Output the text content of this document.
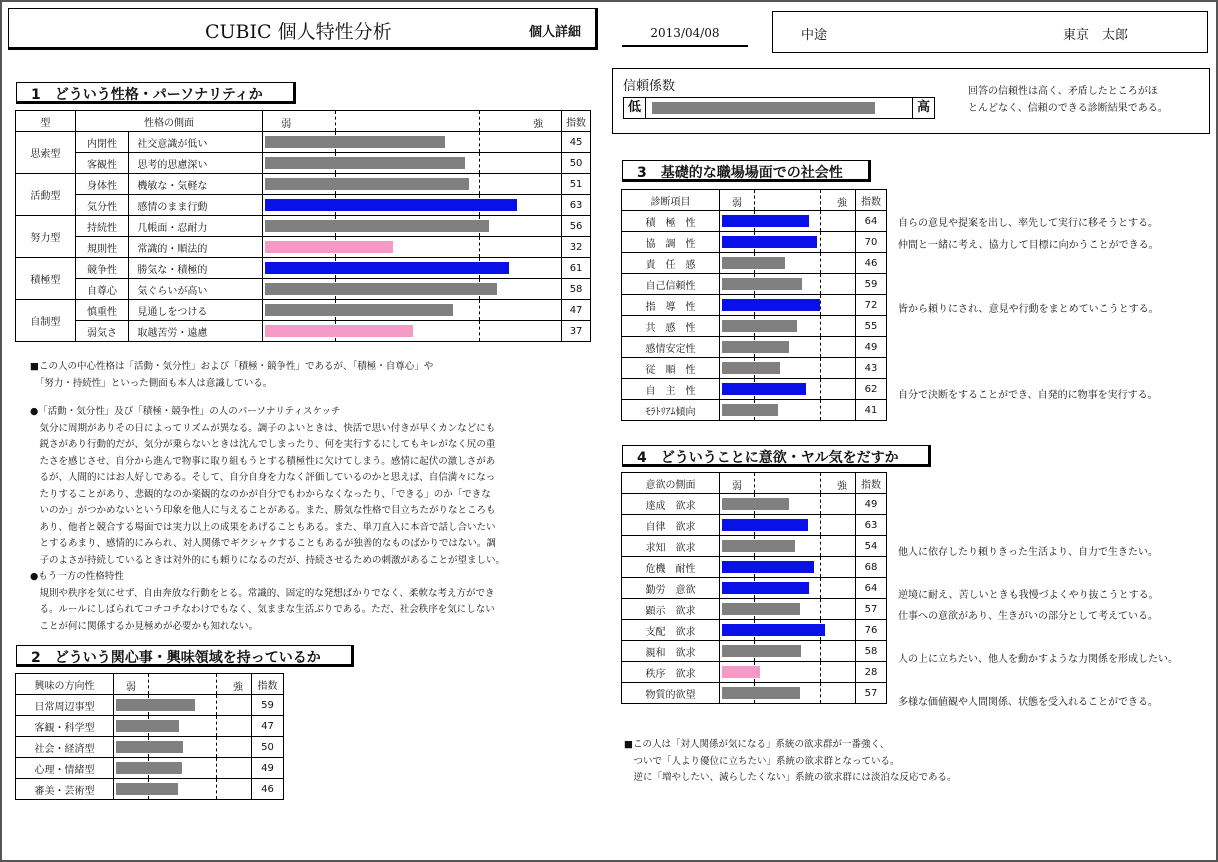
CUBIC 個人特性分析	個人詳細	2013/04/08	中途	東京　太郎
信頼係数
低	高
回答の信頼性は高く、矛盾したところがほ
とんどなく、信頼のできる診断結果である。
1　どういう性格・パーソナリティか
型	性格の側面		弱 強	指数
思索型	内閉性	社交意識が低い		45
	客観性	思考的思慮深い		50
活動型	身体性	機敏な・気軽な		51
	気分性	感情のまま行動		63
努力型	持続性	几帳面・忍耐力		56
	規則性	常識的・順法的		32
積極型	競争性	勝気な・積極的		61
	自尊心	気ぐらいが高い		58
自制型	慎重性	見通しをつける		47
	弱気さ	取越苦労・遠慮		37
■この人の中心性格は「活動・気分性」および「積極・競争性」であるが、「積極・自尊心」や
　「努力・持続性」といった側面も本人は意識している。
●「活動・気分性」及び「積極・競争性」の人のパーソナリティスケッチ
　気分に周期がありその日によってリズムが異なる。調子のよいときは、快活で思い付きが早くカンなどにも
　鋭さがあり行動的だが、気分が乗らないときは沈んでしまったり、何を実行するにしてもキレがなく尻の重
　たさを感じさせ、自分から進んで物事に取り組もうとする積極性に欠けてしまう。感情に起伏の激しさがあ
　るが、人間的にはお人好しである。そして、自分自身を力なく評価しているのかと思えば、自信満々になっ
　たりすることがあり、悲観的なのか楽観的なのかが自分でもわからなくなったり、「できる」のか「できな
　いのか」がつかめないという印象を他人に与えることがある。また、勝気な性格で目立ちたがりなところも
　あり、他者と競合する場面では実力以上の成果をあげることもある。また、単刀直入に本音で話し合いたい
　とするあまり、感情的にみられ、対人関係でギクシャクすることもあるが独善的なものばかりではない。調
　子のよさが持続しているときは対外的にも頼りになるのだが、持続させるための刺激があることが望ましい。
●もう一方の性格特性
　規則や秩序を気にせず、自由奔放な行動をとる。常識的、固定的な発想ばかりでなく、柔軟な考え方ができ
　る。ルールにしばられてコチコチなわけでもなく、気ままな生活ぶりである。ただ、社会秩序を気にしない
　ことが何に関係するか見極めが必要かも知れない。
2　どういう関心事・興味領域を持っているか
興味の方向性	弱 強	指数
日常周辺事型		59
客観・科学型		47
社会・経済型		50
心理・情緒型		49
審美・芸術型		46
3　基礎的な職場場面での社会性
診断項目	弱 強	指数
積　極　性		64
協　調　性		70
責　任　感		46
自己信頼性		59
指　導　性		72
共　感　性		55
感情安定性		49
従　順　性		43
自　主　性		62
ﾓﾗﾄﾘｱﾑ傾向		41
自らの意見や提案を出し、率先して実行に移そうとする。
仲間と一緒に考え、協力して目標に向かうことができる。
皆から頼りにされ、意見や行動をまとめていこうとする。
自分で決断をすることができ、自発的に物事を実行する。
4　どういうことに意欲・ヤル気をだすか
意欲の側面	弱 強	指数
達成　欲求		49
自律　欲求		63
求知　欲求		54
危機　耐性		68
勤労　意欲		64
顕示　欲求		57
支配　欲求		76
親和　欲求		58
秩序　欲求		28
物質的欲望		57
他人に依存したり頼りきった生活より、自力で生きたい。
逆境に耐え、苦しいときも我慢づよくやり抜こうとする。
仕事への意欲があり、生きがいの部分として考えている。
人の上に立ちたい、他人を動かすような力関係を形成したい。
多様な価値観や人間関係、状態を受入れることができる。
■この人は「対人関係が気になる」系統の欲求群が一番強く、
　ついで「人より優位に立ちたい」系統の欲求群となっている。
　逆に「増やしたい、減らしたくない」系統の欲求群には淡泊な反応である。
